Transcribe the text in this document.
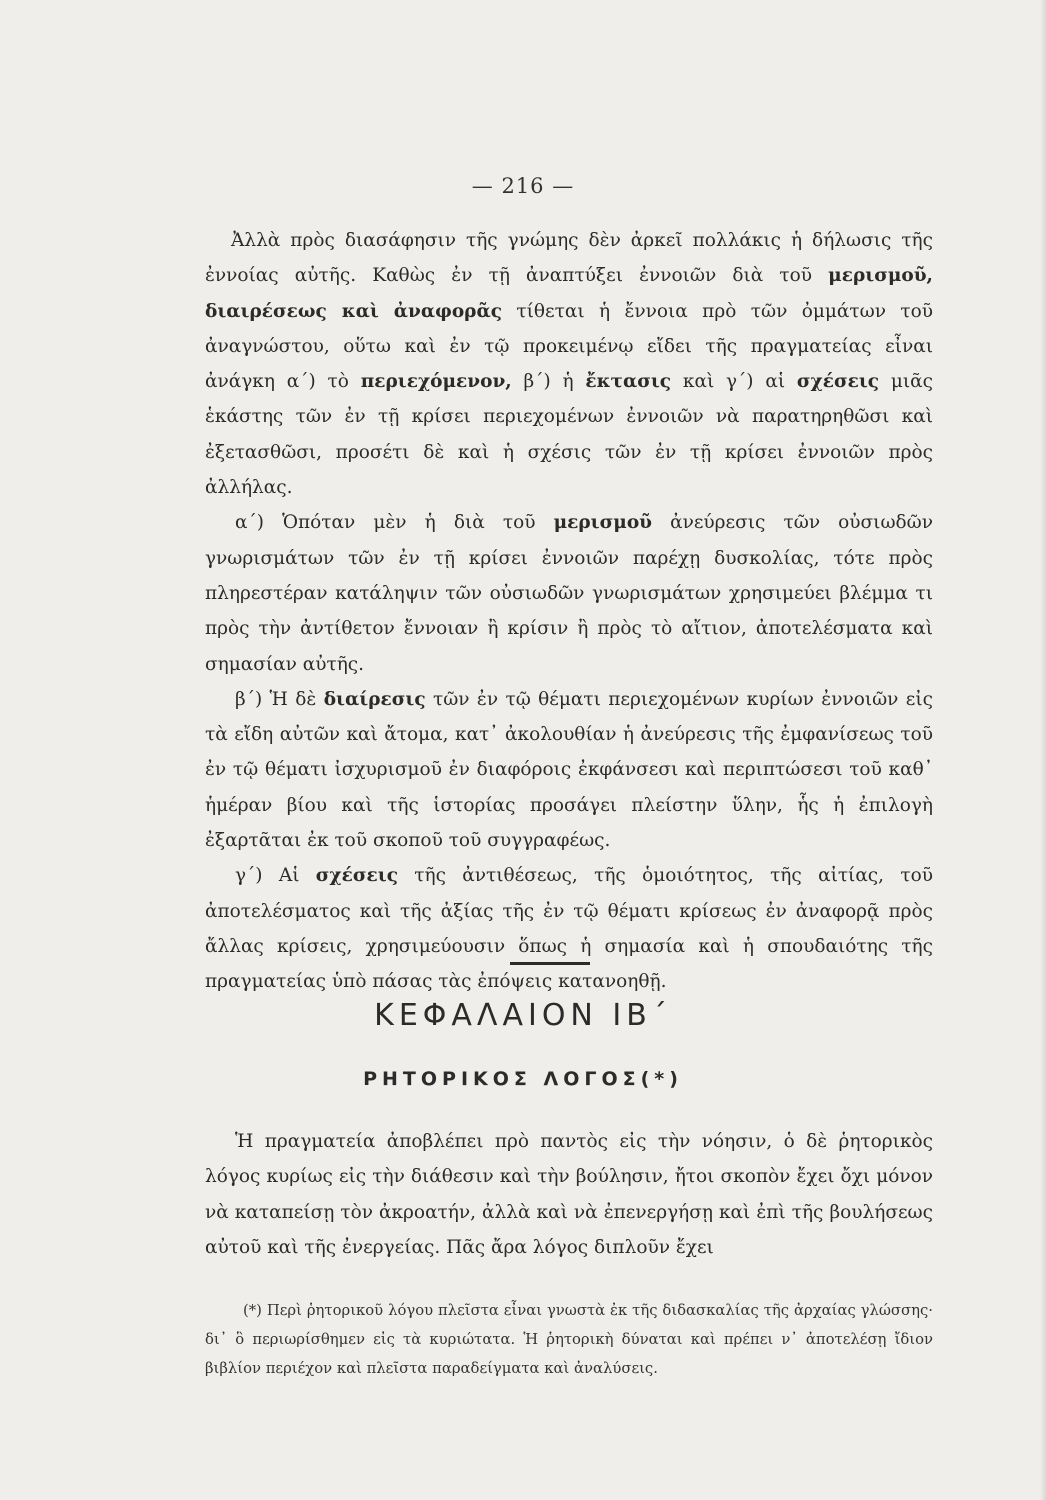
— 216 —

Ἀλλὰ πρὸς διασάφησιν τῆς γνώμης δὲν ἀρκεῖ πολλάκις ἡ δήλωσις τῆς ἐννοίας αὐτῆς. Καθὼς ἐν τῇ ἀναπτύξει ἐννοιῶν διὰ τοῦ μερισμοῦ, διαιρέσεως καὶ ἀναφορᾶς τίθεται ἡ ἔννοια πρὸ τῶν ὀμμάτων τοῦ ἀναγνώστου, οὕτω καὶ ἐν τῷ προκειμένῳ εἴδει τῆς πραγματείας εἶναι ἀνάγκη α΄) τὸ περιεχόμενον, β΄) ἡ ἔκτασις καὶ γ΄) αἱ σχέσεις μιᾶς ἑκάστης τῶν ἐν τῇ κρίσει περιεχομένων ἐννοιῶν νὰ παρατηρηθῶσι καὶ ἐξετασθῶσι, προσέτι δὲ καὶ ἡ σχέσις τῶν ἐν τῇ κρίσει ἐννοιῶν πρὸς ἀλλήλας.

α΄) Ὁπόταν μὲν ἡ διὰ τοῦ μερισμοῦ ἀνεύρεσις τῶν οὐσιωδῶν γνωρισμάτων τῶν ἐν τῇ κρίσει ἐννοιῶν παρέχῃ δυσκολίας, τότε πρὸς πληρεστέραν κατάληψιν τῶν οὐσιωδῶν γνωρισμάτων χρησιμεύει βλέμμα τι πρὸς τὴν ἀντίθετον ἔννοιαν ἢ κρίσιν ἢ πρὸς τὸ αἴτιον, ἀποτελέσματα καὶ σημασίαν αὐτῆς.

β΄) Ἡ δὲ διαίρεσις τῶν ἐν τῷ θέματι περιεχομένων κυρίων ἐννοιῶν εἰς τὰ εἴδη αὐτῶν καὶ ἄτομα, κατ᾽ ἀκολουθίαν ἡ ἀνεύρεσις τῆς ἐμφανίσεως τοῦ ἐν τῷ θέματι ἰσχυρισμοῦ ἐν διαφόροις ἐκφάνσεσι καὶ περιπτώσεσι τοῦ καθ᾽ ἡμέραν βίου καὶ τῆς ἱστορίας προσάγει πλείστην ὕλην, ἧς ἡ ἐπιλογὴ ἐξαρτᾶται ἐκ τοῦ σκοποῦ τοῦ συγγραφέως.

γ΄) Αἱ σχέσεις τῆς ἀντιθέσεως, τῆς ὁμοιότητος, τῆς αἰτίας, τοῦ ἀποτελέσματος καὶ τῆς ἀξίας τῆς ἐν τῷ θέματι κρίσεως ἐν ἀναφορᾷ πρὸς ἄλλας κρίσεις, χρησιμεύουσιν ὅπως ἡ σημασία καὶ ἡ σπουδαιότης τῆς πραγματείας ὑπὸ πάσας τὰς ἐπόψεις κατανοηθῇ.

ΚΕΦΑΛΑΙΟΝ ΙΒ΄
ΡΗΤΟΡΙΚΟΣ ΛΟΓΟΣ(*)

Ἡ πραγματεία ἀποβλέπει πρὸ παντὸς εἰς τὴν νόησιν, ὁ δὲ ῥητορικὸς λόγος κυρίως εἰς τὴν διάθεσιν καὶ τὴν βούλησιν, ἤτοι σκοπὸν ἔχει ὄχι μόνον νὰ καταπείσῃ τὸν ἀκροατήν, ἀλλὰ καὶ νὰ ἐπενεργήσῃ καὶ ἐπὶ τῆς βουλήσεως αὐτοῦ καὶ τῆς ἐνεργείας. Πᾶς ἄρα λόγος διπλοῦν ἔχει

(*) Περὶ ῥητορικοῦ λόγου πλεῖστα εἶναι γνωστὰ ἐκ τῆς διδασκαλίας τῆς ἀρχαίας γλώσσης· δι᾽ ὃ περιωρίσθημεν εἰς τὰ κυριώτατα. Ἡ ῥητορικὴ δύναται καὶ πρέπει ν᾽ ἀποτελέσῃ ἴδιον βιβλίον περιέχον καὶ πλεῖστα παραδείγματα καὶ ἀναλύσεις.
